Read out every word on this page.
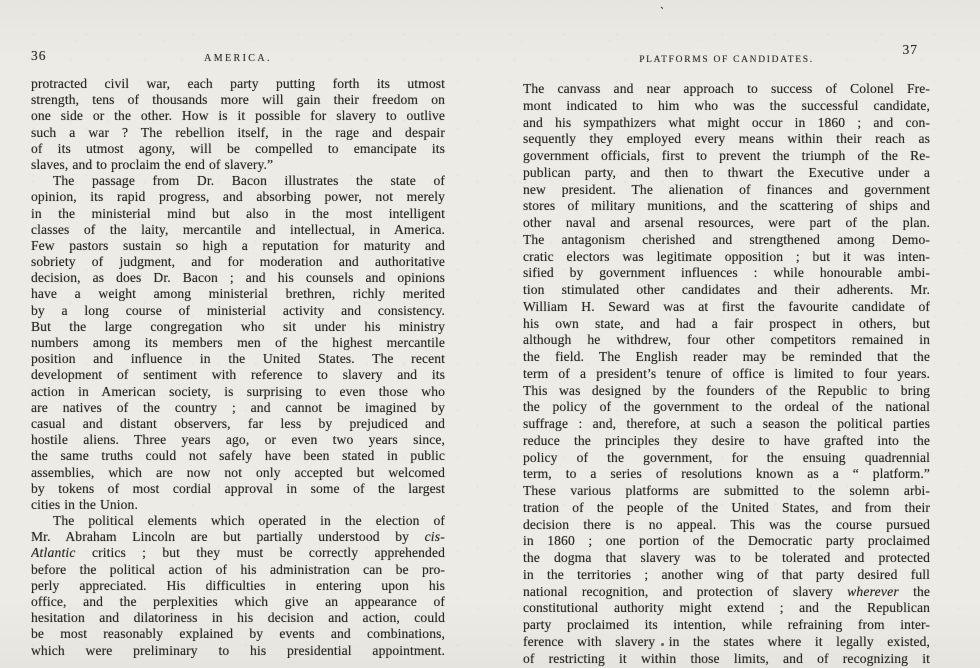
ˋ
36	AMERICA.
protracted civil war, each party putting forth its utmost
strength, tens of thousands more will gain their freedom on
one side or the other. How is it possible for slavery to outlive
such a war ? The rebellion itself, in the rage and despair
of its utmost agony, will be compelled to emancipate its
slaves, and to proclaim the end of slavery.”
The passage from Dr. Bacon illustrates the state of
opinion, its rapid progress, and absorbing power, not merely
in the ministerial mind but also in the most intelligent
classes of the laity, mercantile and intellectual, in America.
Few pastors sustain so high a reputation for maturity and
sobriety of judgment, and for moderation and authoritative
decision, as does Dr. Bacon ; and his counsels and opinions
have a weight among ministerial brethren, richly merited
by a long course of ministerial activity and consistency.
But the large congregation who sit under his ministry
numbers among its members men of the highest mercantile
position and influence in the United States. The recent
development of sentiment with reference to slavery and its
action in American society, is surprising to even those who
are natives of the country ; and cannot be imagined by
casual and distant observers, far less by prejudiced and
hostile aliens. Three years ago, or even two years since,
the same truths could not safely have been stated in public
assemblies, which are now not only accepted but welcomed
by tokens of most cordial approval in some of the largest
cities in the Union.
The political elements which operated in the election of
Mr. Abraham Lincoln are but partially understood by cis-
Atlantic critics ; but they must be correctly apprehended
before the political action of his administration can be pro-
perly appreciated. His difficulties in entering upon his
office, and the perplexities which give an appearance of
hesitation and dilatoriness in his decision and action, could
be most reasonably explained by events and combinations,
which were preliminary to his presidential appointment.
PLATFORMS OF CANDIDATES.
37
The canvass and near approach to success of Colonel Fre-
mont indicated to him who was the successful candidate,
and his sympathizers what might occur in 1860 ; and con-
sequently they employed every means within their reach as
government officials, first to prevent the triumph of the Re-
publican party, and then to thwart the Executive under a
new president. The alienation of finances and government
stores of military munitions, and the scattering of ships and
other naval and arsenal resources, were part of the plan.
The antagonism cherished and strengthened among Demo-
cratic electors was legitimate opposition ; but it was inten-
sified by government influences : while honourable ambi-
tion stimulated other candidates and their adherents. Mr.
William H. Seward was at first the favourite candidate of
his own state, and had a fair prospect in others, but
although he withdrew, four other competitors remained in
the field. The English reader may be reminded that the
term of a president’s tenure of office is limited to four years.
This was designed by the founders of the Republic to bring
the policy of the government to the ordeal of the national
suffrage : and, therefore, at such a season the political parties
reduce the principles they desire to have grafted into the
policy of the government, for the ensuing quadrennial
term, to a series of resolutions known as a “ platform.”
These various platforms are submitted to the solemn arbi-
tration of the people of the United States, and from their
decision there is no appeal. This was the course pursued
in 1860 ; one portion of the Democratic party proclaimed
the dogma that slavery was to be tolerated and protected
in the territories ; another wing of that party desired full
national recognition, and protection of slavery wherever the
constitutional authority might extend ; and the Republican
party proclaimed its intention, while refraining from inter-
ference with slavery in the states where it legally existed,
of restricting it within those limits, and of recognizing it
